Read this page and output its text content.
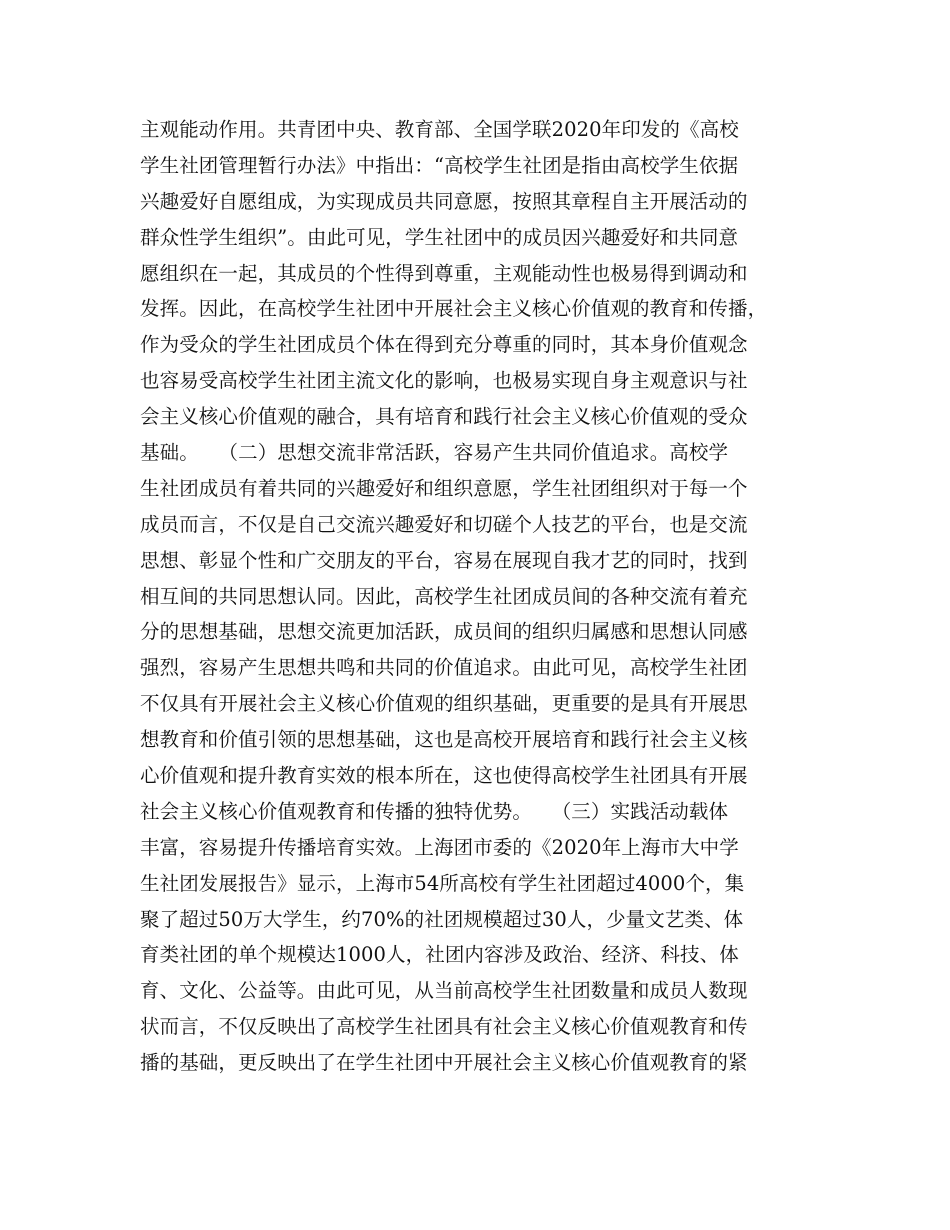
主观能动作用。共青团中央、教育部、全国学联2020年印发的《高校
学生社团管理暂行办法》中指出：“高校学生社团是指由高校学生依据
兴趣爱好自愿组成，为实现成员共同意愿，按照其章程自主开展活动的
群众性学生组织”。由此可见，学生社团中的成员因兴趣爱好和共同意
愿组织在一起，其成员的个性得到尊重，主观能动性也极易得到调动和
发挥。因此，在高校学生社团中开展社会主义核心价值观的教育和传播，
作为受众的学生社团成员个体在得到充分尊重的同时，其本身价值观念
也容易受高校学生社团主流文化的影响，也极易实现自身主观意识与社
会主义核心价值观的融合，具有培育和践行社会主义核心价值观的受众
基础。　　（二）思想交流非常活跃，容易产生共同价值追求。高校学
生社团成员有着共同的兴趣爱好和组织意愿，学生社团组织对于每一个
成员而言，不仅是自己交流兴趣爱好和切磋个人技艺的平台，也是交流
思想、彰显个性和广交朋友的平台，容易在展现自我才艺的同时，找到
相互间的共同思想认同。因此，高校学生社团成员间的各种交流有着充
分的思想基础，思想交流更加活跃，成员间的组织归属感和思想认同感
强烈，容易产生思想共鸣和共同的价值追求。由此可见，高校学生社团
不仅具有开展社会主义核心价值观的组织基础，更重要的是具有开展思
想教育和价值引领的思想基础，这也是高校开展培育和践行社会主义核
心价值观和提升教育实效的根本所在，这也使得高校学生社团具有开展
社会主义核心价值观教育和传播的独特优势。　　（三）实践活动载体
丰富，容易提升传播培育实效。上海团市委的《2020年上海市大中学
生社团发展报告》显示，上海市54所高校有学生社团超过4000个，集
聚了超过50万大学生，约70%的社团规模超过30人，少量文艺类、体
育类社团的单个规模达1000人，社团内容涉及政治、经济、科技、体
育、文化、公益等。由此可见，从当前高校学生社团数量和成员人数现
状而言，不仅反映出了高校学生社团具有社会主义核心价值观教育和传
播的基础，更反映出了在学生社团中开展社会主义核心价值观教育的紧
